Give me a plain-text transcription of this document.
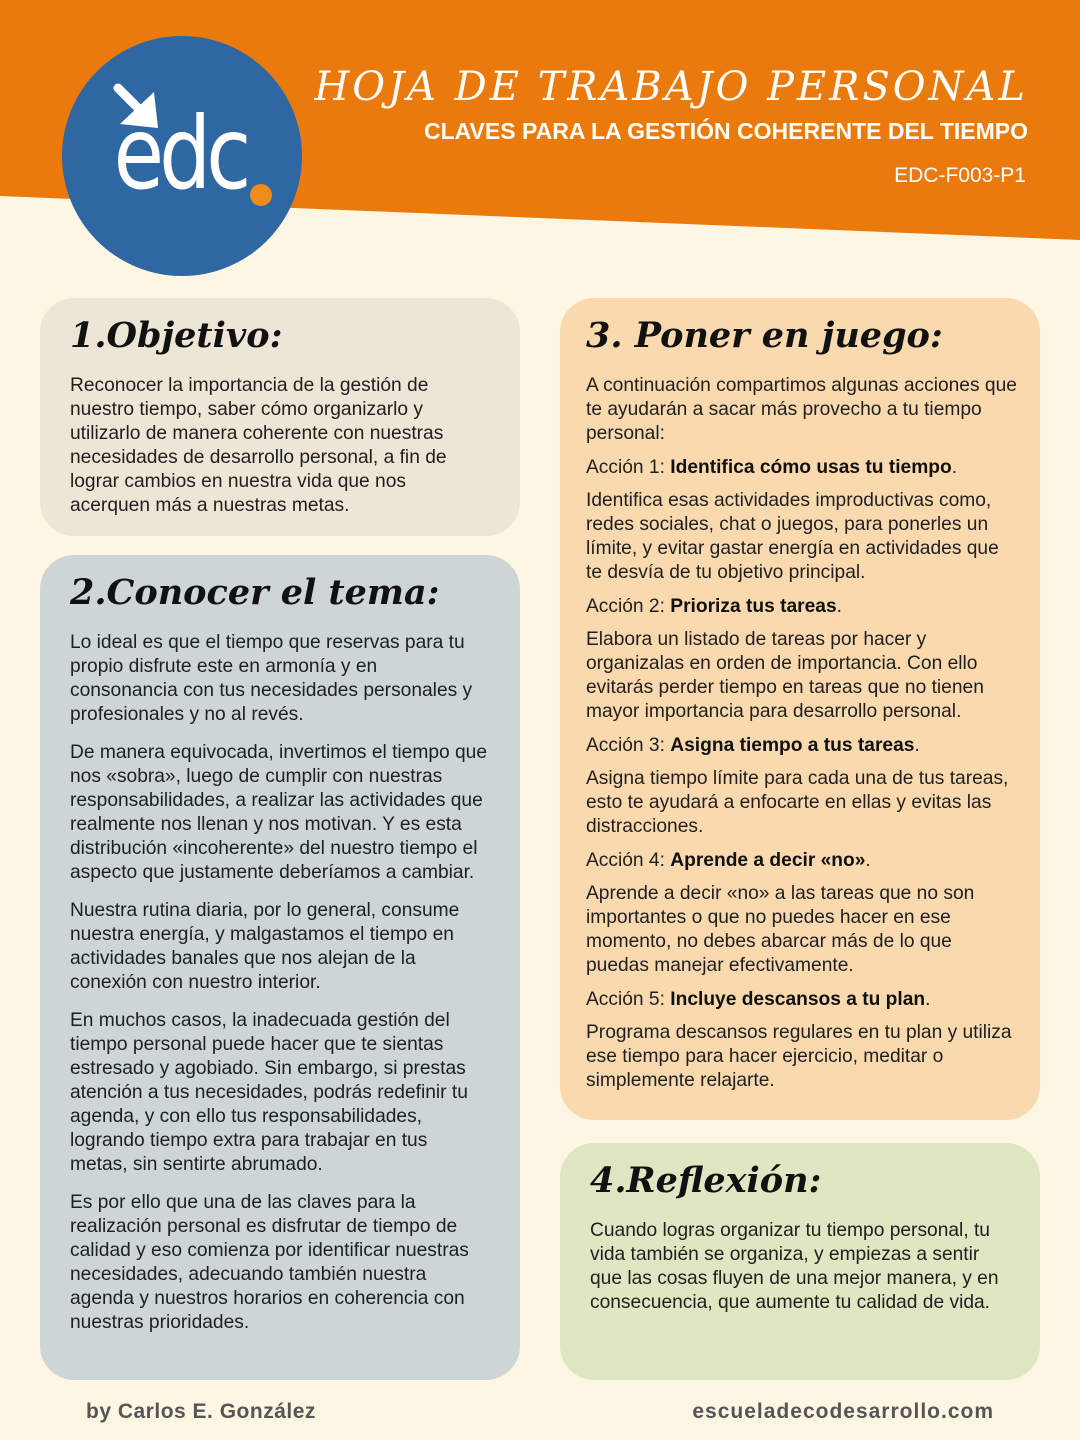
edc
HOJA DE TRABAJO PERSONAL
CLAVES PARA LA GESTIÓN COHERENTE DEL TIEMPO
EDC-F003-P1
1.Objetivo:

Reconocer la importancia de la gestión de nuestro tiempo, saber cómo organizarlo y utilizarlo de manera coherente con nuestras necesidades de desarrollo personal, a fin de lograr cambios en nuestra vida que nos acerquen más a nuestras metas.

2.Conocer el tema:

Lo ideal es que el tiempo que reservas para tu propio disfrute este en armonía y en consonancia con tus necesidades personales y profesionales y no al revés.

De manera equivocada, invertimos el tiempo que nos «sobra», luego de cumplir con nuestras responsabilidades, a realizar las actividades que realmente nos llenan y nos motivan. Y es esta distribución «incoherente» del nuestro tiempo el aspecto que justamente deberíamos a cambiar.

Nuestra rutina diaria, por lo general, consume nuestra energía, y malgastamos el tiempo en actividades banales que nos alejan de la conexión con nuestro interior.

En muchos casos, la inadecuada gestión del tiempo personal puede hacer que te sientas estresado y agobiado. Sin embargo, si prestas atención a tus necesidades, podrás redefinir tu agenda, y con ello tus responsabilidades, logrando tiempo extra para trabajar en tus metas, sin sentirte abrumado.

Es por ello que una de las claves para la realización personal es disfrutar de tiempo de calidad y eso comienza por identificar nuestras necesidades, adecuando también nuestra agenda y nuestros horarios en coherencia con nuestras prioridades.

3. Poner en juego:

A continuación compartimos algunas acciones que te ayudarán a sacar más provecho a tu tiempo personal:

Acción 1: Identifica cómo usas tu tiempo.

Identifica esas actividades improductivas como, redes sociales, chat o juegos, para ponerles un límite, y evitar gastar energía en actividades que te desvía de tu objetivo principal.

Acción 2: Prioriza tus tareas.

Elabora un listado de tareas por hacer y organizalas en orden de importancia. Con ello evitarás perder tiempo en tareas que no tienen mayor importancia para desarrollo personal.

Acción 3: Asigna tiempo a tus tareas.

Asigna tiempo límite para cada una de tus tareas, esto te ayudará a enfocarte en ellas y evitas las distracciones.

Acción 4: Aprende a decir «no».

Aprende a decir «no» a las tareas que no son importantes o que no puedes hacer en ese momento, no debes abarcar más de lo que puedas manejar efectivamente.

Acción 5: Incluye descansos a tu plan.

Programa descansos regulares en tu plan y utiliza ese tiempo para hacer ejercicio, meditar o simplemente relajarte.

4.Reflexión:

Cuando logras organizar tu tiempo personal, tu vida también se organiza, y empiezas a sentir que las cosas fluyen de una mejor manera, y en consecuencia, que aumente tu calidad de vida.

by Carlos E. González	escueladecodesarrollo.com
